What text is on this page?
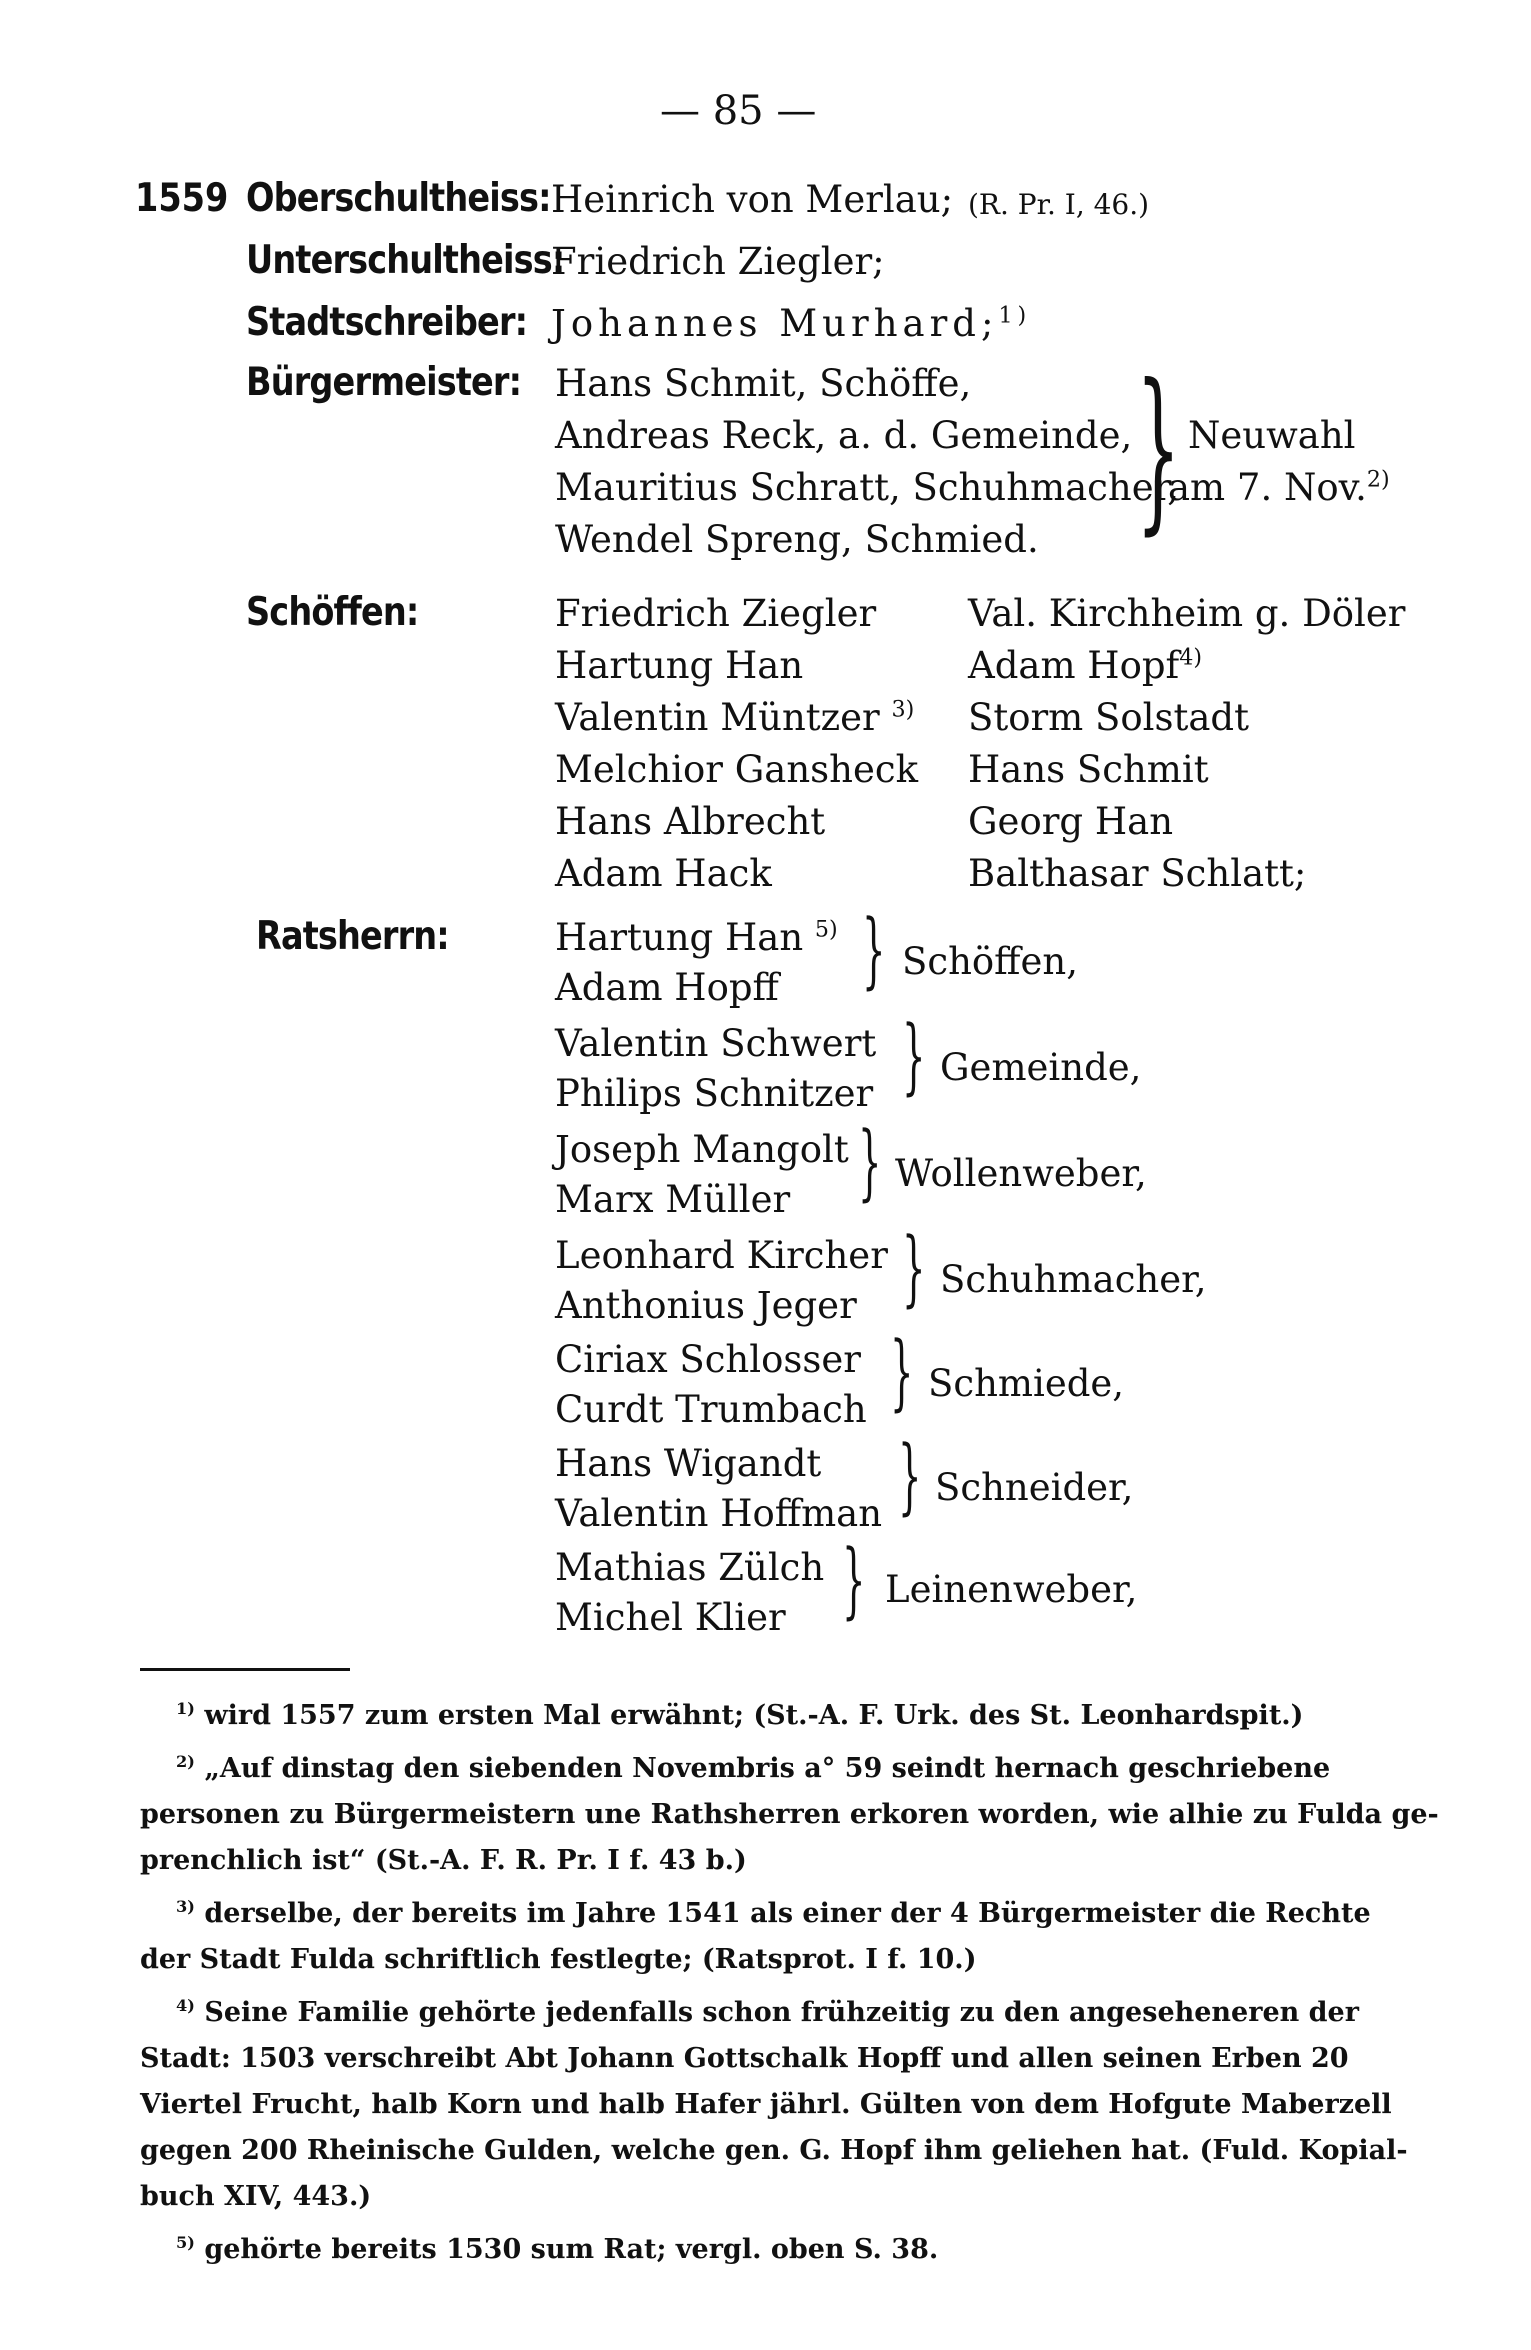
— 85 —
1559 Oberschultheiss: Heinrich von Merlau; (R. Pr. I, 46.)
Unterschultheiss:
Friedrich Ziegler;
Stadtschreiber: Johannes Murhard;$^{1)}$
Bürgermeister: Hans Schmit, Schöffe,
Andreas Reck, a. d. Gemeinde,
Mauritius Schratt, Schuhmacher,
Wendel Spreng, Schmied. } Neuwahl
am 7. Nov.$^{2)}$
Schöffen:	Friedrich Ziegler
Hartung Han
Valentin Müntzer $^{3)}$
Melchior Gansheck
Hans Albrecht
Adam Hack
Val. Kirchheim g. Döler
Adam Hopf$^{4)}$
Storm Solstadt
Hans Schmit
Georg Han
Balthasar Schlatt;
Ratsherrn:	Hartung Han $^{5)}$
Adam Hopff } Schöffen,
Valentin Schwert
Philips Schnitzer } Gemeinde,
Joseph Mangolt
Marx Müller } Wollenweber,
Leonhard Kircher
Anthonius Jeger } Schuhmacher,
Ciriax Schlosser
Curdt Trumbach } Schmiede,
Hans Wigandt
Valentin Hoffman } Schneider,
Mathias Zülch
Michel Klier } Leinenweber,
$^{1)}$ wird 1557 zum ersten Mal erwähnt; (St.-A. F. Urk. des St. Leonhardspit.)
$^{2)}$ „Auf dinstag den siebenden Novembris a° 59 seindt hernach geschriebene
personen zu Bürgermeistern une Rathsherren erkoren worden, wie alhie zu Fulda ge-
prenchlich ist“ (St.-A. F. R. Pr. I f. 43 b.)
$^{3)}$ derselbe, der bereits im Jahre 1541 als einer der 4 Bürgermeister die Rechte
der Stadt Fulda schriftlich festlegte; (Ratsprot. I f. 10.)
$^{4)}$ Seine Familie gehörte jedenfalls schon frühzeitig zu den angeseheneren der
Stadt: 1503 verschreibt Abt Johann Gottschalk Hopff und allen seinen Erben 20
Viertel Frucht, halb Korn und halb Hafer jährl. Gülten von dem Hofgute Maberzell
gegen 200 Rheinische Gulden, welche gen. G. Hopf ihm geliehen hat. (Fuld. Kopial-
buch XIV, 443.)
$^{5)}$ gehörte bereits 1530 sum Rat; vergl. oben S. 38.
